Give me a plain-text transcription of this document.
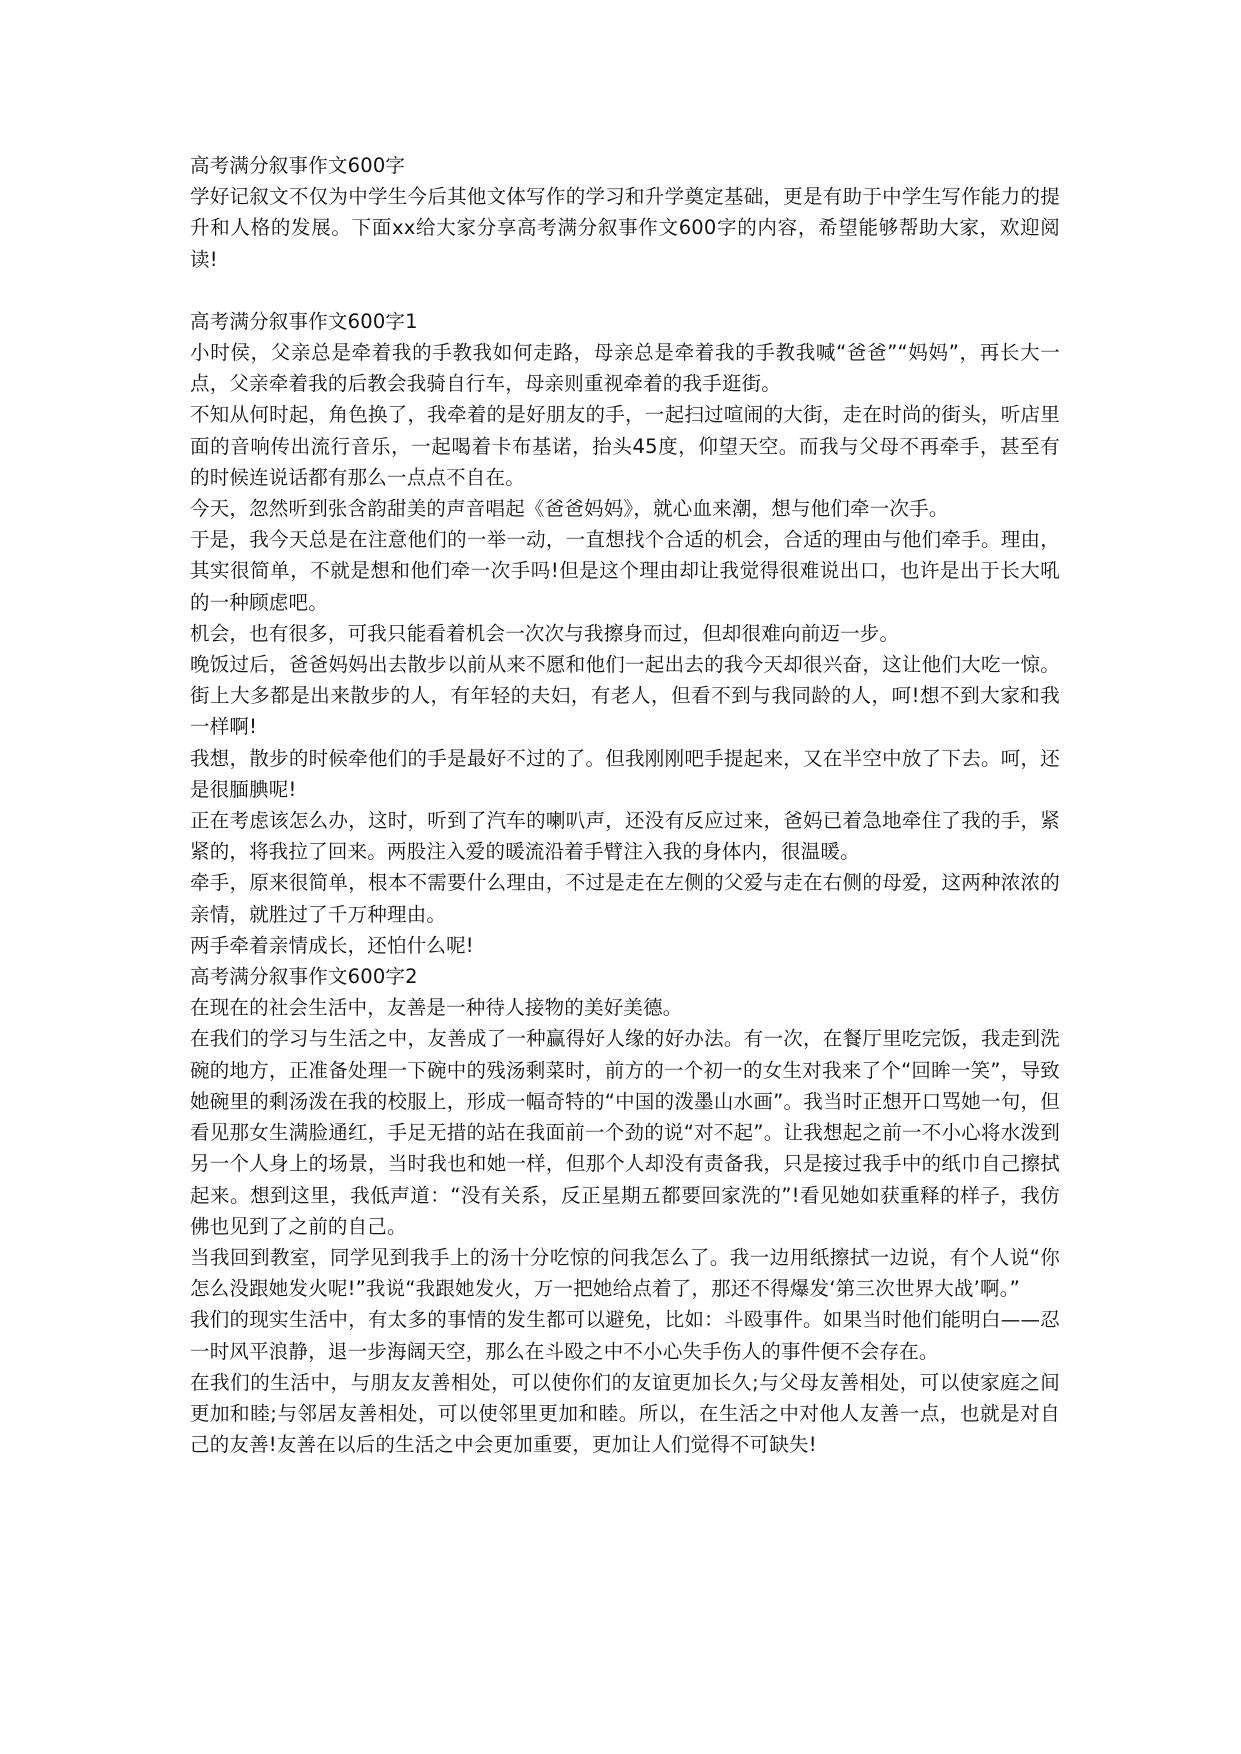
高考满分叙事作文600字

学好记叙文不仅为中学生今后其他文体写作的学习和升学奠定基础，更是有助于中学生写作能力的提升和人格的发展。下面xx给大家分享高考满分叙事作文600字的内容，希望能够帮助大家，欢迎阅读!

高考满分叙事作文600字1

小时侯，父亲总是牵着我的手教我如何走路，母亲总是牵着我的手教我喊“爸爸”“妈妈”，再长大一点，父亲牵着我的后教会我骑自行车，母亲则重视牵着的我手逛街。

不知从何时起，角色换了，我牵着的是好朋友的手，一起扫过喧闹的大街，走在时尚的街头，听店里面的音响传出流行音乐，一起喝着卡布基诺，抬头45度，仰望天空。而我与父母不再牵手，甚至有的时候连说话都有那么一点点不自在。

今天，忽然听到张含韵甜美的声音唱起《爸爸妈妈》，就心血来潮，想与他们牵一次手。

于是，我今天总是在注意他们的一举一动，一直想找个合适的机会，合适的理由与他们牵手。理由，其实很简单，不就是想和他们牵一次手吗!但是这个理由却让我觉得很难说出口，也许是出于长大吼的一种顾虑吧。

机会，也有很多，可我只能看着机会一次次与我擦身而过，但却很难向前迈一步。

晚饭过后，爸爸妈妈出去散步以前从来不愿和他们一起出去的我今天却很兴奋，这让他们大吃一惊。街上大多都是出来散步的人，有年轻的夫妇，有老人，但看不到与我同龄的人，呵!想不到大家和我一样啊!

我想，散步的时候牵他们的手是最好不过的了。但我刚刚吧手提起来，又在半空中放了下去。呵，还是很腼腆呢!

正在考虑该怎么办，这时，听到了汽车的喇叭声，还没有反应过来，爸妈已着急地牵住了我的手，紧紧的，将我拉了回来。两股注入爱的暖流沿着手臂注入我的身体内，很温暖。

牵手，原来很简单，根本不需要什么理由，不过是走在左侧的父爱与走在右侧的母爱，这两种浓浓的亲情，就胜过了千万种理由。

两手牵着亲情成长，还怕什么呢!

高考满分叙事作文600字2

在现在的社会生活中，友善是一种待人接物的美好美德。

在我们的学习与生活之中，友善成了一种赢得好人缘的好办法。有一次，在餐厅里吃完饭，我走到洗碗的地方，正准备处理一下碗中的残汤剩菜时，前方的一个初一的女生对我来了个“回眸一笑”，导致她碗里的剩汤泼在我的校服上，形成一幅奇特的“中国的泼墨山水画”。我当时正想开口骂她一句，但看见那女生满脸通红，手足无措的站在我面前一个劲的说“对不起”。让我想起之前一不小心将水泼到另一个人身上的场景，当时我也和她一样，但那个人却没有责备我，只是接过我手中的纸巾自己擦拭起来。想到这里，我低声道：“没有关系，反正星期五都要回家洗的”!看见她如获重释的样子，我仿佛也见到了之前的自己。

当我回到教室，同学见到我手上的汤十分吃惊的问我怎么了。我一边用纸擦拭一边说，有个人说“你怎么没跟她发火呢!”我说“我跟她发火，万一把她给点着了，那还不得爆发‘第三次世界大战’啊。”

我们的现实生活中，有太多的事情的发生都可以避免，比如：斗殴事件。如果当时他们能明白——忍一时风平浪静，退一步海阔天空，那么在斗殴之中不小心失手伤人的事件便不会存在。

在我们的生活中，与朋友友善相处，可以使你们的友谊更加长久;与父母友善相处，可以使家庭之间更加和睦;与邻居友善相处，可以使邻里更加和睦。所以，在生活之中对他人友善一点，也就是对自己的友善!友善在以后的生活之中会更加重要，更加让人们觉得不可缺失!
